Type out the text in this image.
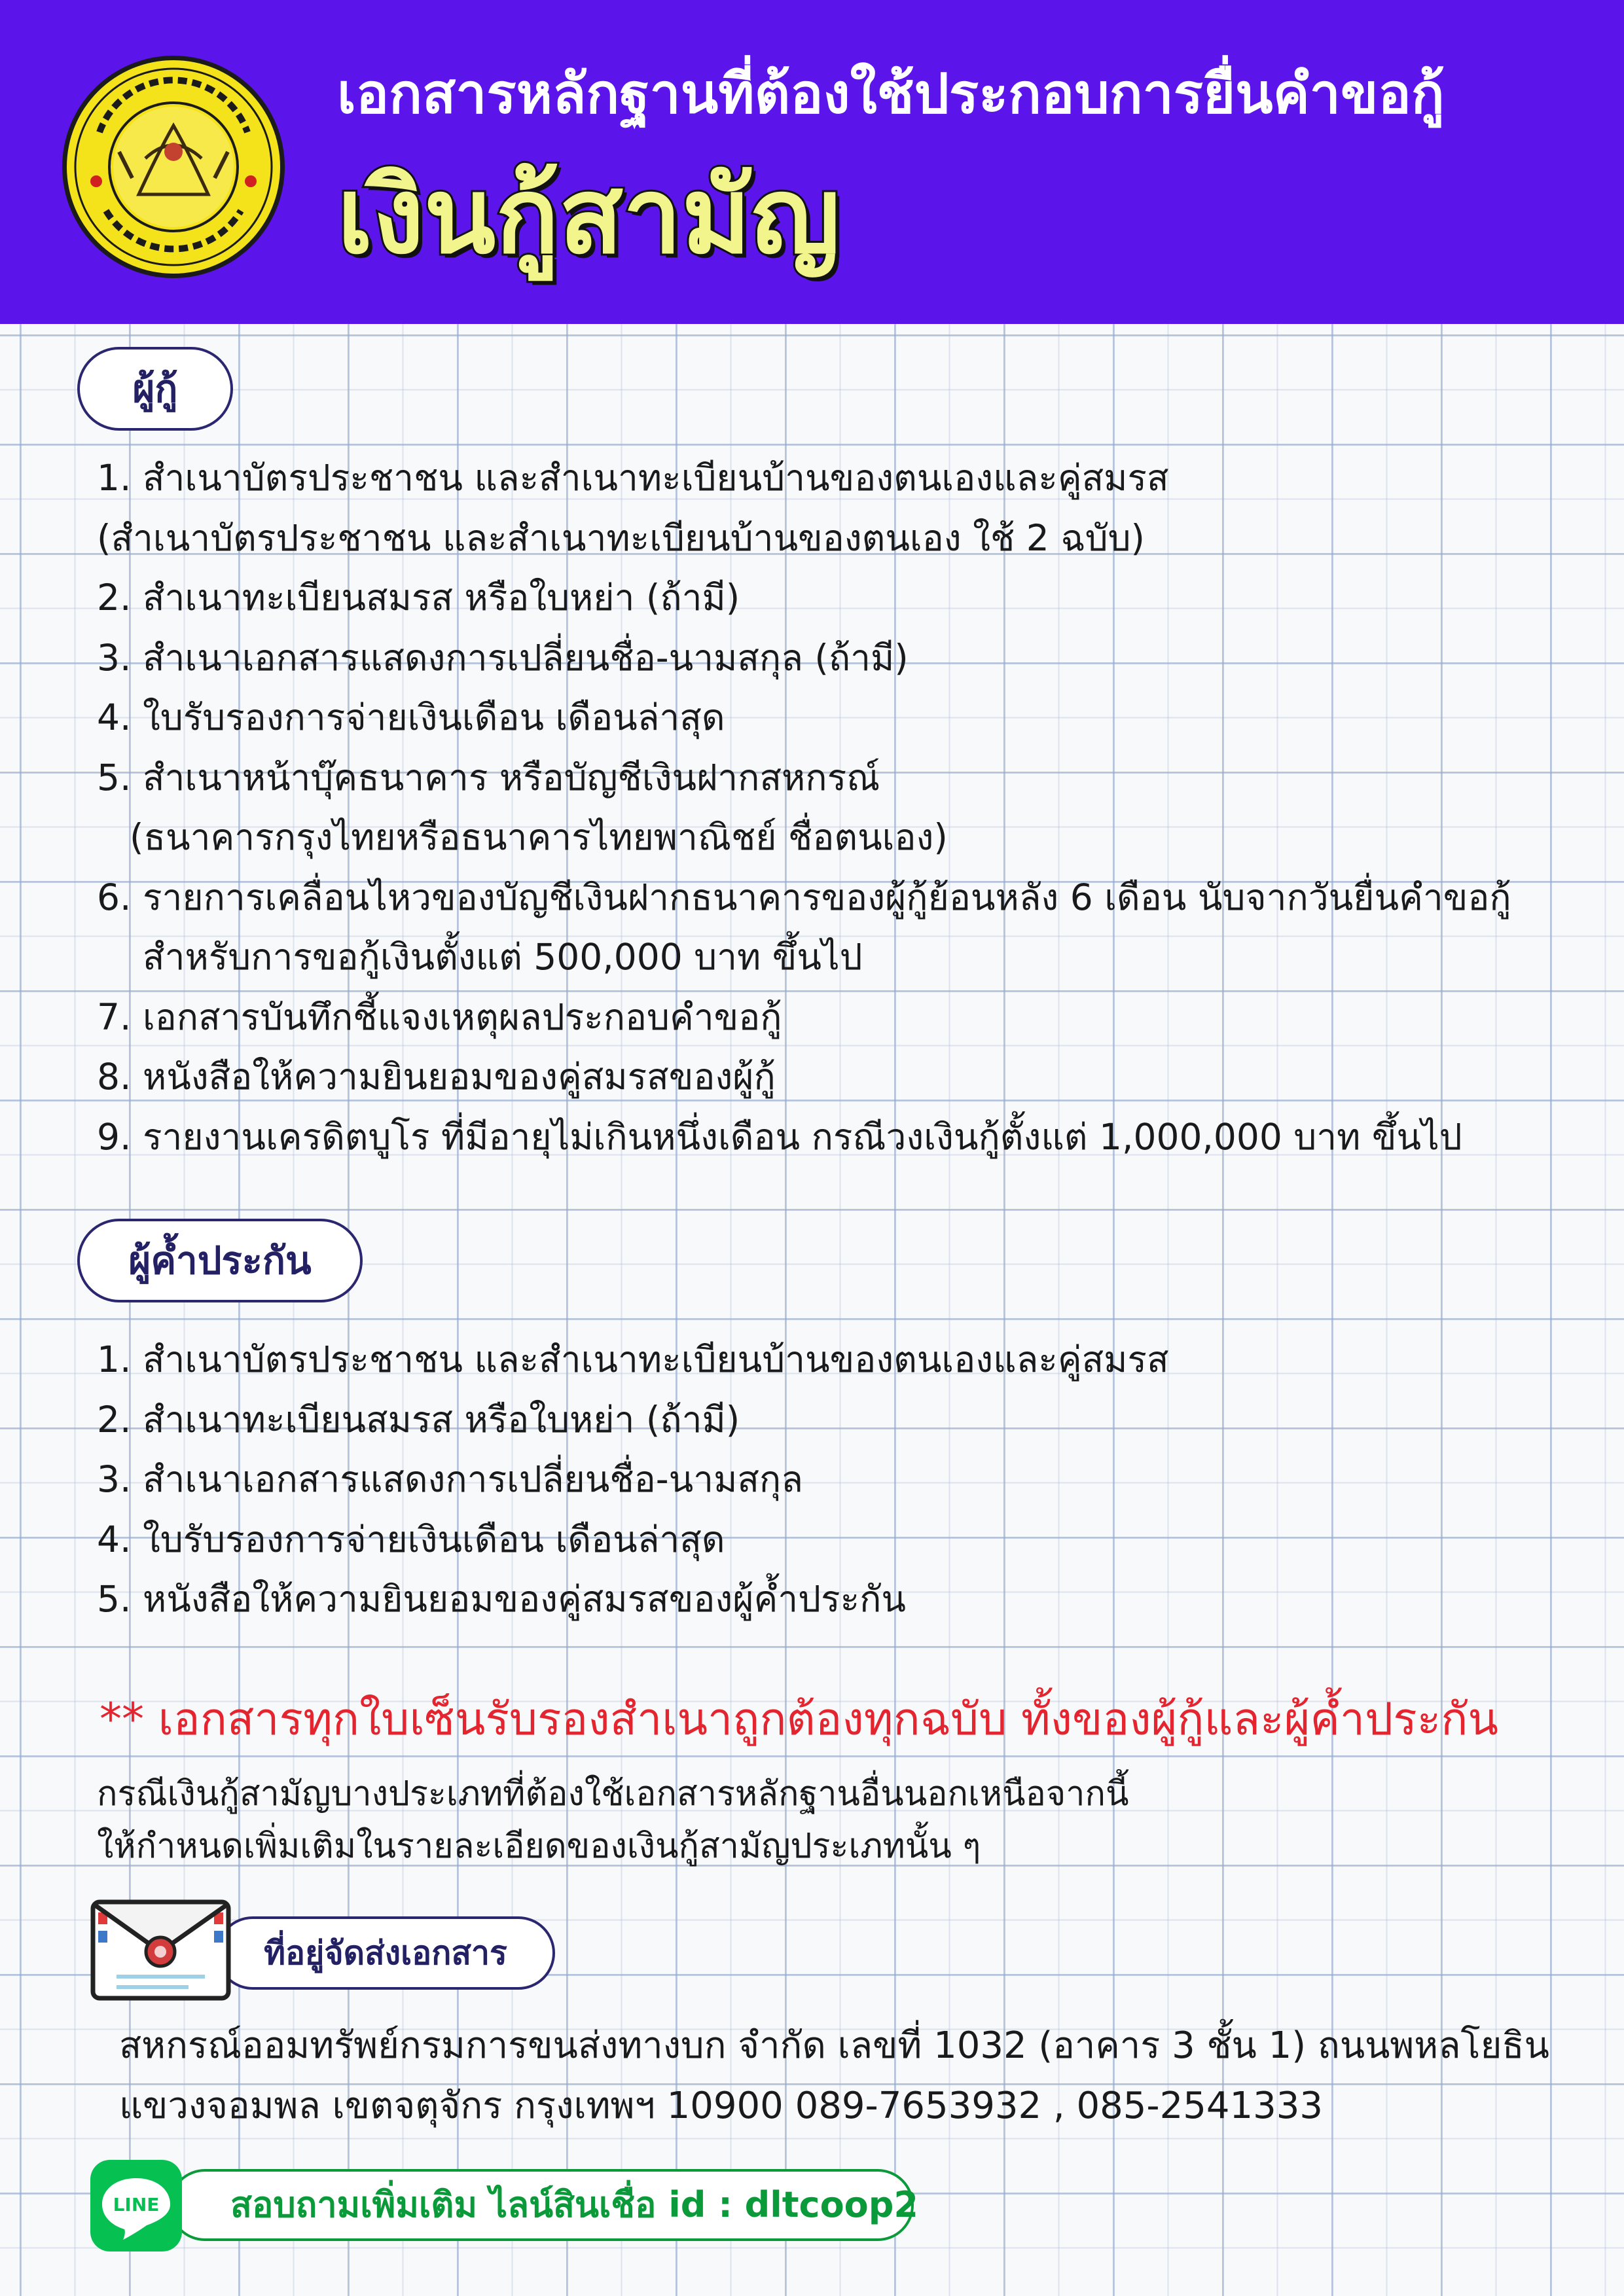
เอกสารหลักฐานที่ต้องใช้ประกอบการยื่นคำขอกู้
เงินกู้สามัญ
ผู้กู้
1. สำเนาบัตรประชาชน และสำเนาทะเบียนบ้านของตนเองและคู่สมรส
(สำเนาบัตรประชาชน และสำเนาทะเบียนบ้านของตนเอง ใช้ 2 ฉบับ)
2. สำเนาทะเบียนสมรส หรือใบหย่า (ถ้ามี)
3. สำเนาเอกสารแสดงการเปลี่ยนชื่อ-นามสกุล (ถ้ามี)
4. ใบรับรองการจ่ายเงินเดือน เดือนล่าสุด
5. สำเนาหน้าบุ๊คธนาคาร หรือบัญชีเงินฝากสหกรณ์
(ธนาคารกรุงไทยหรือธนาคารไทยพาณิชย์ ชื่อตนเอง)
6. รายการเคลื่อนไหวของบัญชีเงินฝากธนาคารของผู้กู้ย้อนหลัง 6 เดือน นับจากวันยื่นคำขอกู้
สำหรับการขอกู้เงินตั้งแต่ 500,000 บาท ขึ้นไป
7. เอกสารบันทึกชี้แจงเหตุผลประกอบคำขอกู้
8. หนังสือให้ความยินยอมของคู่สมรสของผู้กู้
9. รายงานเครดิตบูโร ที่มีอายุไม่เกินหนึ่งเดือน กรณีวงเงินกู้ตั้งแต่ 1,000,000 บาท ขึ้นไป
ผู้ค้ำประกัน
1. สำเนาบัตรประชาชน และสำเนาทะเบียนบ้านของตนเองและคู่สมรส
2. สำเนาทะเบียนสมรส หรือใบหย่า (ถ้ามี)
3. สำเนาเอกสารแสดงการเปลี่ยนชื่อ-นามสกุล
4. ใบรับรองการจ่ายเงินเดือน เดือนล่าสุด
5. หนังสือให้ความยินยอมของคู่สมรสของผู้ค้ำประกัน
** เอกสารทุกใบเซ็นรับรองสำเนาถูกต้องทุกฉบับ ทั้งของผู้กู้และผู้ค้ำประกัน
กรณีเงินกู้สามัญบางประเภทที่ต้องใช้เอกสารหลักฐานอื่นนอกเหนือจากนี้
ให้กำหนดเพิ่มเติมในรายละเอียดของเงินกู้สามัญประเภทนั้น ๆ
ที่อยู่จัดส่งเอกสาร
สหกรณ์ออมทรัพย์กรมการขนส่งทางบก จำกัด เลขที่ 1032 (อาคาร 3 ชั้น 1) ถนนพหลโยธิน
แขวงจอมพล เขตจตุจักร กรุงเทพฯ 10900 089-7653932 , 085-2541333
สอบถามเพิ่มเติม ไลน์สินเชื่อ id : dltcoop2
LINE
